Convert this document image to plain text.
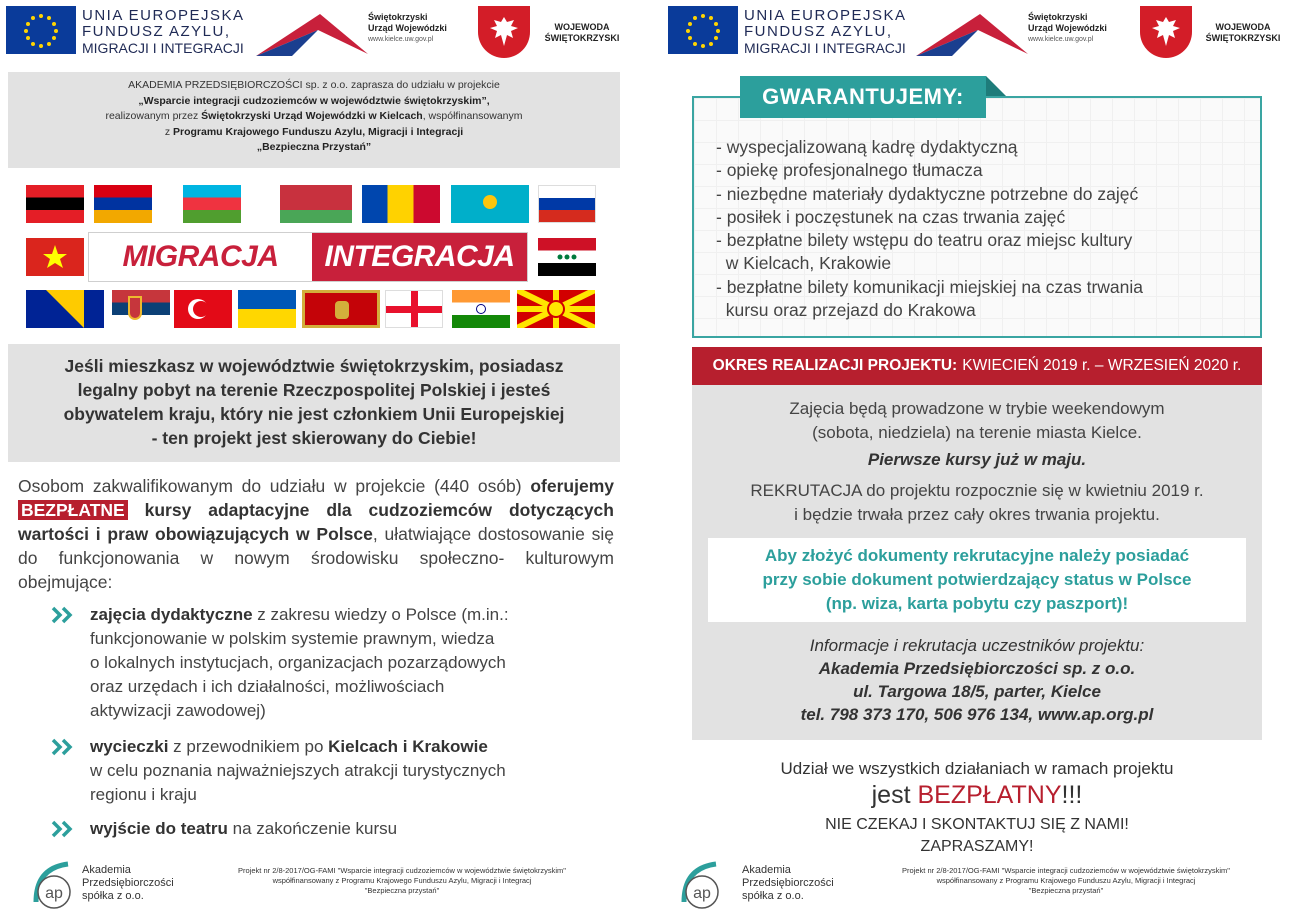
UNIA EUROPEJSKA
FUNDUSZ AZYLU,
MIGRACJI I INTEGRACJI
Świętokrzyski
Urząd Wojewódzki
www.kielce.uw.gov.pl
WOJEWODA
ŚWIĘTOKRZYSKI
AKADEMIA PRZEDSIĘBIORCZOŚCI sp. z o.o. zaprasza do udziału w projekcie
„Wsparcie integracji cudzoziemców w województwie świętokrzyskim”,
realizowanym przez Świętokrzyski Urząd Wojewódzki w Kielcach, współfinansowanym
z Programu Krajowego Funduszu Azylu, Migracji i Integracji
„Bezpieczna Przystań”
MIGRACJA	INTEGRACJA
Jeśli mieszkasz w województwie świętokrzyskim, posiadasz
legalny pobyt na terenie Rzeczpospolitej Polskiej i jesteś
obywatelem kraju, który nie jest członkiem Unii Europejskiej
- ten projekt jest skierowany do Ciebie!
Osobom zakwalifikowanym do udziału w projekcie (440 osób) oferujemy BEZPŁATNE kursy adaptacyjne dla cudzoziemców dotyczących wartości i praw obowiązujących w Polsce, ułatwiające dostosowanie się do funkcjonowania w nowym środowisku społeczno- kulturowym obejmujące:
zajęcia dydaktyczne z zakresu wiedzy o Polsce (m.in.:
funkcjonowanie w polskim systemie prawnym, wiedza
o lokalnych instytucjach, organizacjach pozarządowych
oraz urzędach i ich działalności, możliwościach
aktywizacji zawodowej)
wycieczki z przewodnikiem po Kielcach i Krakowie
w celu poznania najważniejszych atrakcji turystycznych
regionu i kraju
wyjście do teatru na zakończenie kursu
ap
Akademia
Przedsiębiorczości
spółka z o.o.
Projekt nr 2/8-2017/OG-FAMI "Wsparcie integracji cudzoziemców w województwie świętokrzyskim"
współfinansowany z Programu Krajowego Funduszu Azylu, Migracji i Integracj
"Bezpieczna przystań"
UNIA EUROPEJSKA
FUNDUSZ AZYLU,
MIGRACJI I INTEGRACJI
Świętokrzyski
Urząd Wojewódzki
www.kielce.uw.gov.pl
WOJEWODA
ŚWIĘTOKRZYSKI
GWARANTUJEMY:
- wyspecjalizowaną kadrę dydaktyczną
- opiekę profesjonalnego tłumacza
- niezbędne materiały dydaktyczne potrzebne do zajęć
- posiłek i poczęstunek na czas trwania zajęć
- bezpłatne bilety wstępu do teatru oraz miejsc kultury
w Kielcach, Krakowie
- bezpłatne bilety komunikacji miejskiej na czas trwania
kursu oraz przejazd do Krakowa
OKRES REALIZACJI PROJEKTU: KWIECIEŃ 2019 r. – WRZESIEŃ 2020 r.
Zajęcia będą prowadzone w trybie weekendowym
(sobota, niedziela) na terenie miasta Kielce.
Pierwsze kursy już w maju.
REKRUTACJA do projektu rozpocznie się w kwietniu 2019 r.
i będzie trwała przez cały okres trwania projektu.
Aby złożyć dokumenty rekrutacyjne należy posiadać
przy sobie dokument potwierdzający status w Polsce
(np. wiza, karta pobytu czy paszport)!
Informacje i rekrutacja uczestników projektu:
Akademia Przedsiębiorczości sp. z o.o.
ul. Targowa 18/5, parter, Kielce
tel. 798 373 170, 506 976 134, www.ap.org.pl
Udział we wszystkich działaniach w ramach projektu
jest BEZPŁATNY!!!
NIE CZEKAJ I SKONTAKTUJ SIĘ Z NAMI!
ZAPRASZAMY!
ap
Akademia
Przedsiębiorczości
spółka z o.o.
Projekt nr 2/8-2017/OG-FAMI "Wsparcie integracji cudzoziemców w województwie świętokrzyskim"
współfinansowany z Programu Krajowego Funduszu Azylu, Migracji i Integracj
"Bezpieczna przystań"
